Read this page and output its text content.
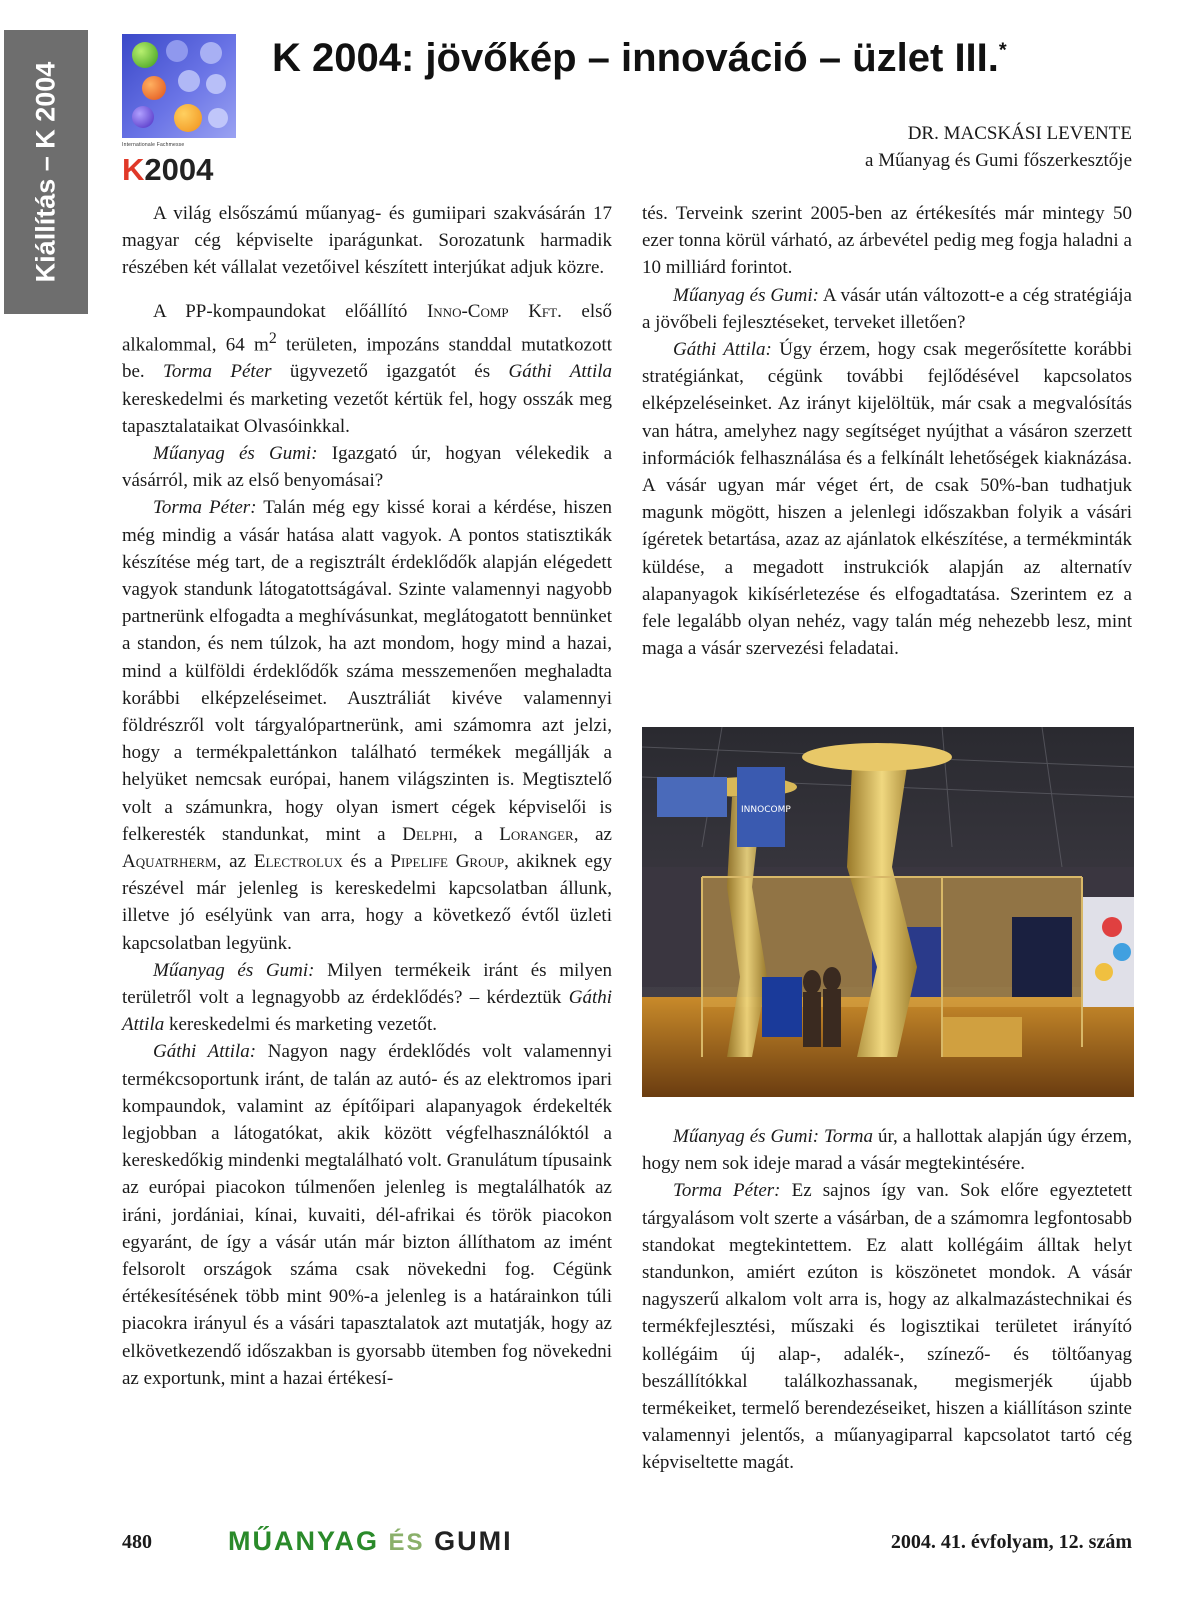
Kiállítás – K 2004	Internationale Fachmesse
K2004
K 2004: jövőkép – innováció – üzlet III.*
DR. MACSKÁSI LEVENTE
a Műanyag és Gumi főszerkesztője

A világ elsőszámú műanyag- és gumiipari szakvásárán 17 magyar cég képviselte iparágunkat. Sorozatunk harmadik részében két vállalat vezetőivel készített interjúkat adjuk közre.

A PP-kompaundokat előállító Inno-Comp Kft. első alkalommal, 64 $m^2$ területen, impozáns standdal mutatkozott be. Torma Péter ügyvezető igazgatót és Gáthi Attila kereskedelmi és marketing vezetőt kértük fel, hogy osszák meg tapasztalataikat Olvasóinkkal.

Műanyag és Gumi: Igazgató úr, hogyan vélekedik a vásárról, mik az első benyomásai?

Torma Péter: Talán még egy kissé korai a kérdése, hiszen még mindig a vásár hatása alatt vagyok. A pontos statisztikák készítése még tart, de a regisztrált érdeklődők alapján elégedett vagyok standunk látogatottságával. Szinte valamennyi nagyobb partnerünk elfogadta a meghívásunkat, meglátogatott bennünket a standon, és nem túlzok, ha azt mondom, hogy mind a hazai, mind a külföldi érdeklődők száma messzemenően meghaladta korábbi elképzeléseimet. Ausztráliát kivéve valamennyi földrészről volt tárgyalópartnerünk, ami számomra azt jelzi, hogy a termékpalettánkon található termékek megállják a helyüket nemcsak európai, hanem világszinten is. Megtisztelő volt a számunkra, hogy olyan ismert cégek képviselői is felkeresték standunkat, mint a Delphi, a Loranger, az Aquatrherm, az Electrolux és a Pipelife Group, akiknek egy részével már jelenleg is kereskedelmi kapcsolatban állunk, illetve jó esélyünk van arra, hogy a következő évtől üzleti kapcsolatban legyünk.

Műanyag és Gumi: Milyen termékeik iránt és milyen területről volt a legnagyobb az érdeklődés? – kérdeztük Gáthi Attila kereskedelmi és marketing vezetőt.

Gáthi Attila: Nagyon nagy érdeklődés volt valamennyi termékcsoportunk iránt, de talán az autó- és az elektromos ipari kompaundok, valamint az építőipari alapanyagok érdekelték legjobban a látogatókat, akik között végfelhasználóktól a kereskedőkig mindenki megtalálható volt. Granulátum típusaink az európai piacokon túlmenően jelenleg is megtalálhatók az iráni, jordániai, kínai, kuvaiti, dél-afrikai és török piacokon egyaránt, de így a vásár után már bizton állíthatom az imént felsorolt országok száma csak növekedni fog. Cégünk értékesítésének több mint 90%-a jelenleg is a határainkon túli piacokra irányul és a vásári tapasztalatok azt mutatják, hogy az elkövetkezendő időszakban is gyorsabb ütemben fog növekedni az exportunk, mint a hazai értékesí-

tés. Terveink szerint 2005-ben az értékesítés már mintegy 50 ezer tonna körül várható, az árbevétel pedig meg fogja haladni a 10 milliárd forintot.

Műanyag és Gumi: A vásár után változott-e a cég stratégiája a jövőbeli fejlesztéseket, terveket illetően?

Gáthi Attila: Úgy érzem, hogy csak megerősítette korábbi stratégiánkat, cégünk további fejlődésével kapcsolatos elképzeléseinket. Az irányt kijelöltük, már csak a megvalósítás van hátra, amelyhez nagy segítséget nyújthat a vásáron szerzett információk felhasználása és a felkínált lehetőségek kiaknázása. A vásár ugyan már véget ért, de csak 50%-ban tudhatjuk magunk mögött, hiszen a jelenlegi időszakban folyik a vásári ígéretek betartása, azaz az ajánlatok elkészítése, a termékminták küldése, a megadott instrukciók alapján az alternatív alapanyagok kikísérletezése és elfogadtatása. Szerintem ez a fele legalább olyan nehéz, vagy talán még nehezebb lesz, mint maga a vásár szervezési feladatai.

INNOCOMP

Műanyag és Gumi: Torma úr, a hallottak alapján úgy érzem, hogy nem sok ideje marad a vásár megtekintésére.

Torma Péter: Ez sajnos így van. Sok előre egyeztetett tárgyalásom volt szerte a vásárban, de a számomra legfontosabb standokat megtekintettem. Ez alatt kollégáim álltak helyt standunkon, amiért ezúton is köszönetet mondok. A vásár nagyszerű alkalom volt arra is, hogy az alkalmazástechnikai és termékfejlesztési, műszaki és logisztikai területet irányító kollégáim új alap-, adalék-, színező- és töltőanyag beszállítókkal találkozhassanak, megismerjék újabb termékeiket, termelő berendezéseiket, hiszen a kiállításon szinte valamennyi jelentős, a műanyagiparral kapcsolatot tartó cég képviseltette magát.

480	MŰANYAG ÉS GUMI	2004. 41. évfolyam, 12. szám
